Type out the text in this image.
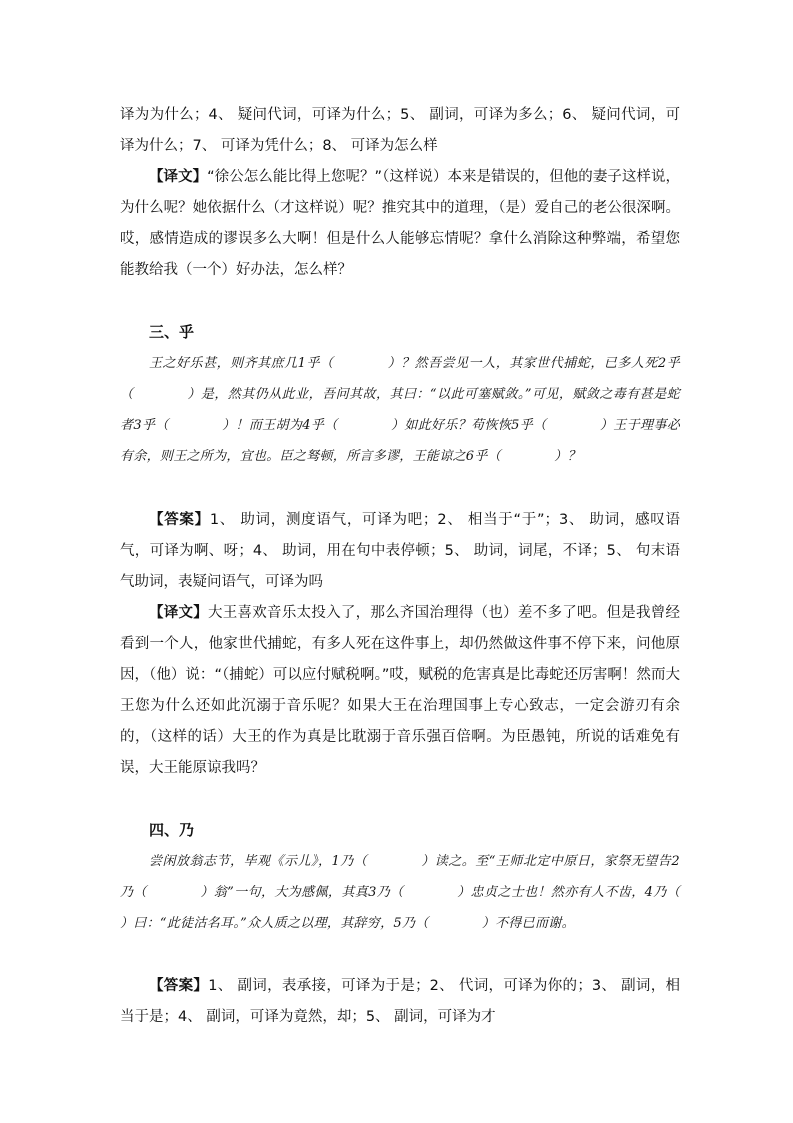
译为为什么；4、 疑问代词，可译为什么；5、 副词，可译为多么；6、 疑问代词，可译为什么；7、 可译为凭什么；8、 可译为怎么样

【译文】“徐公怎么能比得上您呢？”（这样说）本来是错误的，但他的妻子这样说，为什么呢？她依据什么（才这样说）呢？推究其中的道理，（是）爱自己的老公很深啊。哎，感情造成的谬误多么大啊！但是什么人能够忘情呢？拿什么消除这种弊端，希望您能教给我（一个）好办法，怎么样？

三、乎

王之好乐甚，则齐其庶几1乎（　　　　）？然吾尝见一人，其家世代捕蛇，已多人死2乎（　　　　）是，然其仍从此业，吾问其故，其曰：“以此可塞赋敛。”可见，赋敛之毒有甚是蛇者3乎（　　　　）！而王胡为4乎（　　　　）如此好乐？苟恢恢5乎（　　　　）王于理事必有余，则王之所为，宜也。臣之驽顿，所言多谬，王能谅之6乎（　　　　）？

【答案】1、 助词，测度语气，可译为吧；2、 相当于“于”；3、 助词，感叹语气，可译为啊、呀；4、 助词，用在句中表停顿；5、 助词，词尾，不译；5、 句末语气助词，表疑问语气，可译为吗

【译文】大王喜欢音乐太投入了，那么齐国治理得（也）差不多了吧。但是我曾经看到一个人，他家世代捕蛇，有多人死在这件事上，却仍然做这件事不停下来，问他原因，（他）说：“（捕蛇）可以应付赋税啊。”哎，赋税的危害真是比毒蛇还厉害啊！然而大王您为什么还如此沉溺于音乐呢？如果大王在治理国事上专心致志，一定会游刃有余的，（这样的话）大王的作为真是比耽溺于音乐强百倍啊。为臣愚钝，所说的话难免有误，大王能原谅我吗？

四、乃

尝闲放翁志节，毕观《示儿》，1乃（　　　　）读之。至“王师北定中原日，家祭无望告2乃（　　　　）翁”一句，大为感佩，其真3乃（　　　　）忠贞之士也！然亦有人不齿，4乃（　　　　）曰：“此徒沽名耳。”众人质之以理，其辞穷，5乃（　　　　）不得已而谢。

【答案】1、 副词，表承接，可译为于是；2、 代词，可译为你的；3、 副词，相当于是；4、 副词，可译为竟然，却；5、 副词，可译为才
